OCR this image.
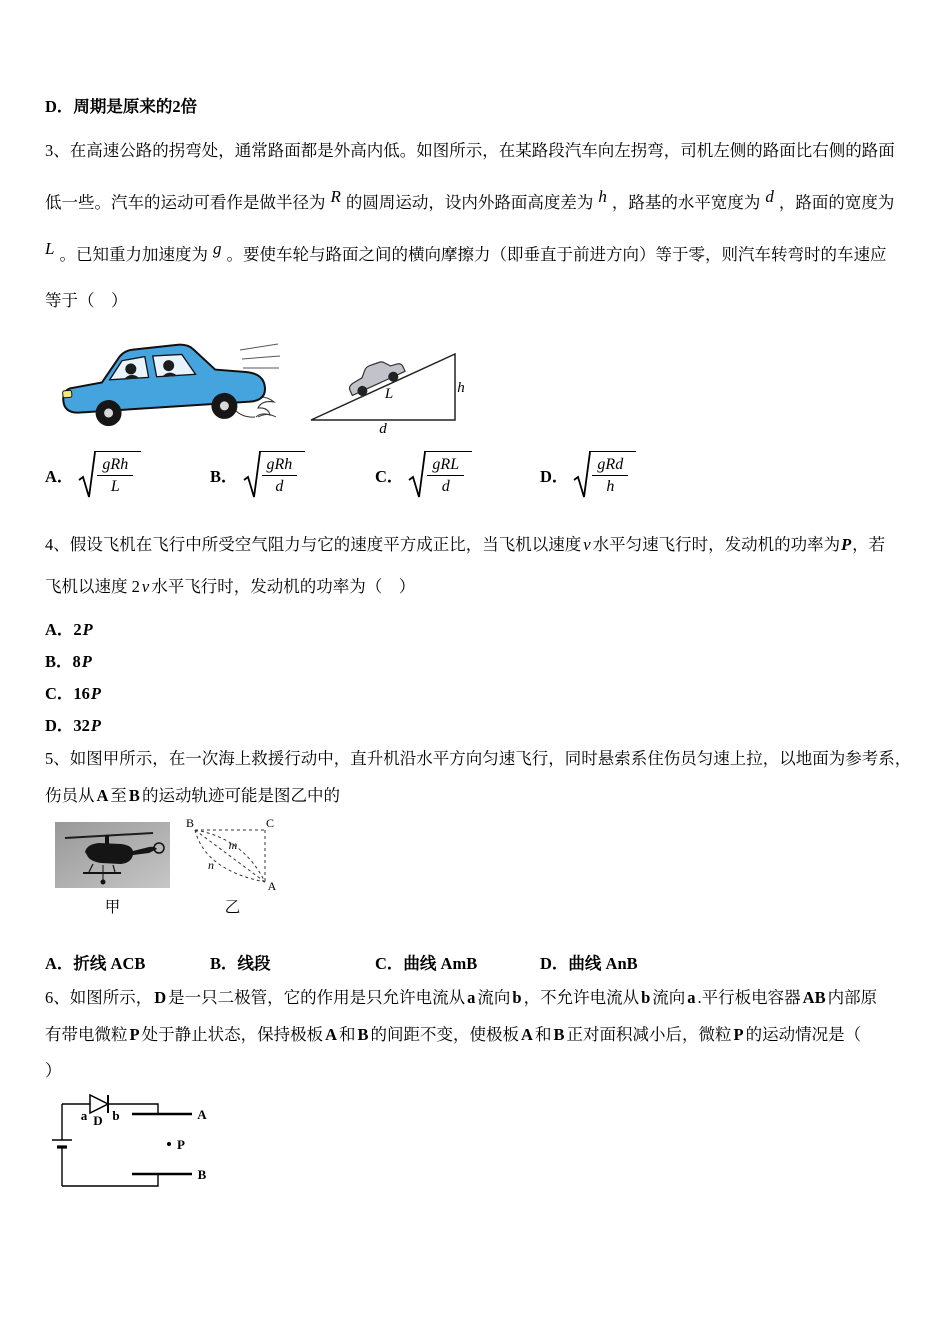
D．周期是原来的2倍
3、在高速公路的拐弯处，通常路面都是外高内低。如图所示，在某路段汽车向左拐弯，司机左侧的路面比右侧的路面
低一些。汽车的运动可看作是做半径为 R 的圆周运动，设内外路面高度差为 h ，路基的水平宽度为 d ，路面的宽度为
L 。已知重力加速度为 g 。要使车轮与路面之间的横向摩擦力（即垂直于前进方向）等于零，则汽车转弯时的车速应
等于（　）
L	h
d
A．
gRh
L
B．
gRh
d
C．
gRL
d
D．
gRd
h
4、假设飞机在飞行中所受空气阻力与它的速度平方成正比，当飞机以速度 v 水平匀速飞行时，发动机的功率为P，若
飞机以速度 2 v 水平飞行时，发动机的功率为（　）
A．2P
B．8P
C．16P
D．32P
5、如图甲所示，在一次海上救援行动中，直升机沿水平方向匀速飞行，同时悬索系住伤员匀速上拉，以地面为参考系，
伤员从 A 至 B 的运动轨迹可能是图乙中的
B	C
A
m
n
甲	乙
A． 折线 ACB	B． 线段	C． 曲线 AmB	D． 曲线 AnB
6、如图所示， D 是一只二极管，它的作用是只允许电流从 a 流向 b ，不允许电流从 b 流向 a .平行板电容器 AB 内部原
有带电微粒 P 处于静止状态，保持极板 A 和 B 的间距不变，使极板 A 和 B 正对面积减小后，微粒 P 的运动情况是（
）
a D b	A
P
B
